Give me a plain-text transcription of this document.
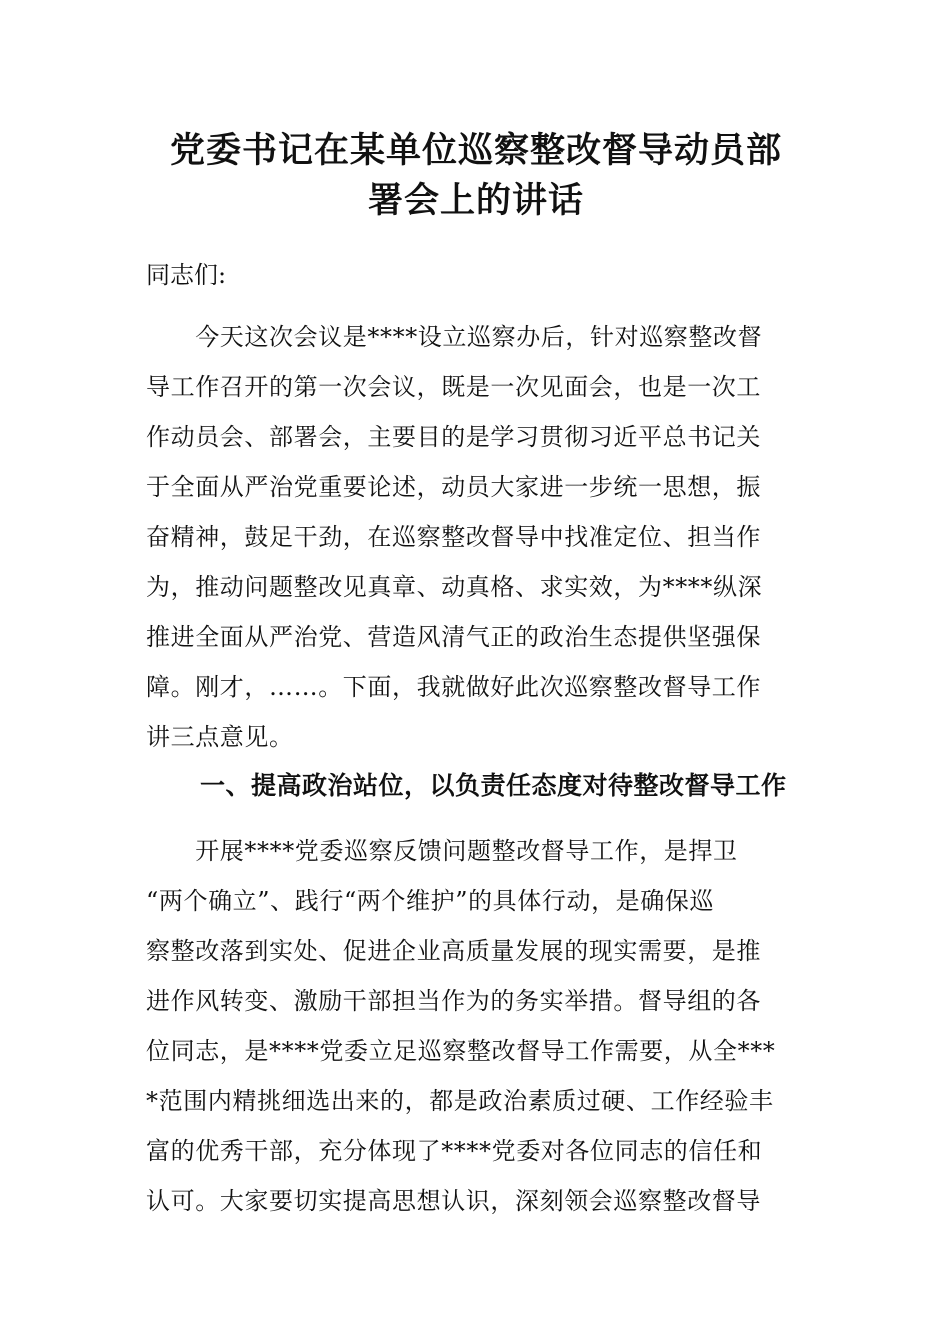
党委书记在某单位巡察整改督导动员部
署会上的讲话
同志们:

　　今天这次会议是****设立巡察办后，针对巡察整改督
导工作召开的第一次会议，既是一次见面会，也是一次工
作动员会、部署会，主要目的是学习贯彻习近平总书记关
于全面从严治党重要论述，动员大家进一步统一思想，振
奋精神，鼓足干劲，在巡察整改督导中找准定位、担当作
为，推动问题整改见真章、动真格、求实效，为****纵深
推进全面从严治党、营造风清气正的政治生态提供坚强保
障。刚才，……。下面，我就做好此次巡察整改督导工作
讲三点意见。

一、提高政治站位，以负责任态度对待整改督导工作

　　开展****党委巡察反馈问题整改督导工作，是捍卫
“两个确立”、践行“两个维护”的具体行动，是确保巡
察整改落到实处、促进企业高质量发展的现实需要，是推
进作风转变、激励干部担当作为的务实举措。督导组的各
位同志，是****党委立足巡察整改督导工作需要，从全***
*范围内精挑细选出来的，都是政治素质过硬、工作经验丰
富的优秀干部，充分体现了****党委对各位同志的信任和
认可。大家要切实提高思想认识，深刻领会巡察整改督导
